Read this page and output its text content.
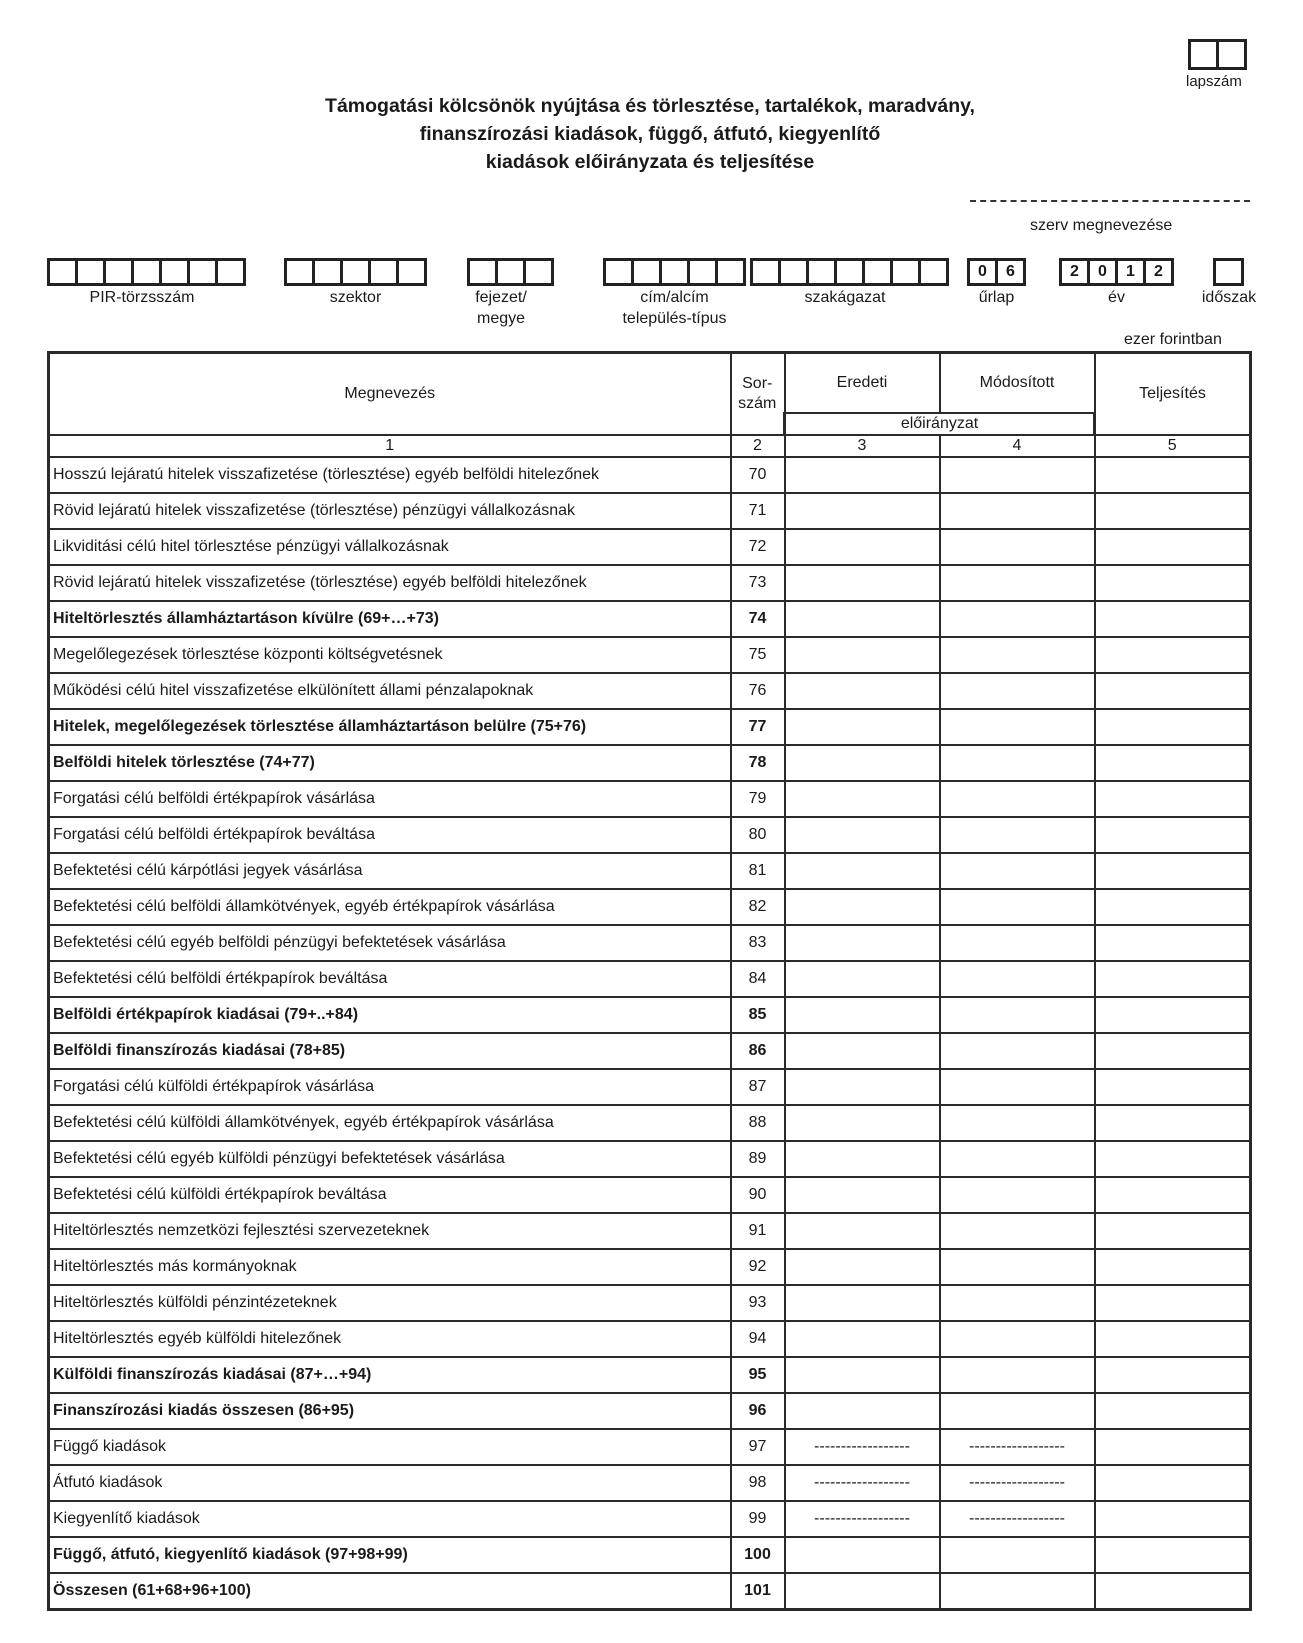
lapszám
Támogatási kölcsönök nyújtása és törlesztése, tartalékok, maradvány,
finanszírozási kiadások, függő, átfutó, kiegyenlítő
kiadások előirányzata és teljesítése
szerv megnevezése
PIR-törzsszám	szektor	fejezet/
megye
cím/alcím
település-típus
szakágazat
0	6
űrlap
2	0	1	2
év	időszak
ezer forintban
Megnevezés	Sor-
szám	Eredeti	Módosított	Teljesítés
		előirányzat		
1	2	3	4	5
Hosszú lejáratú hitelek visszafizetése (törlesztése) egyéb belföldi hitelezőnek	70			
Rövid lejáratú hitelek visszafizetése (törlesztése) pénzügyi vállalkozásnak	71			
Likviditási célú hitel törlesztése pénzügyi vállalkozásnak	72			
Rövid lejáratú hitelek visszafizetése (törlesztése) egyéb belföldi hitelezőnek	73			
Hiteltörlesztés államháztartáson kívülre (69+…+73)	74			
Megelőlegezések törlesztése központi költségvetésnek	75			
Működési célú hitel visszafizetése elkülönített állami pénzalapoknak	76			
Hitelek, megelőlegezések törlesztése államháztartáson belülre (75+76)	77			
Belföldi hitelek törlesztése (74+77)	78			
Forgatási célú belföldi értékpapírok vásárlása	79			
Forgatási célú belföldi értékpapírok beváltása	80			
Befektetési célú kárpótlási jegyek vásárlása	81			
Befektetési célú belföldi államkötvények, egyéb értékpapírok vásárlása	82			
Befektetési célú egyéb belföldi pénzügyi befektetések vásárlása	83			
Befektetési célú belföldi értékpapírok beváltása	84			
Belföldi értékpapírok kiadásai (79+..+84)	85			
Belföldi finanszírozás kiadásai (78+85)	86			
Forgatási célú külföldi értékpapírok vásárlása	87			
Befektetési célú külföldi államkötvények, egyéb értékpapírok vásárlása	88			
Befektetési célú egyéb külföldi pénzügyi befektetések vásárlása	89			
Befektetési célú külföldi értékpapírok beváltása	90			
Hiteltörlesztés nemzetközi fejlesztési szervezeteknek	91			
Hiteltörlesztés más kormányoknak	92			
Hiteltörlesztés külföldi pénzintézeteknek	93			
Hiteltörlesztés egyéb külföldi hitelezőnek	94			
Külföldi finanszírozás kiadásai (87+…+94)	95			
Finanszírozási kiadás összesen (86+95)	96			
Függő kiadások	97	------------------	------------------	
Átfutó kiadások	98	------------------	------------------	
Kiegyenlítő kiadások	99	------------------	------------------	
Függő, átfutó, kiegyenlítő kiadások (97+98+99)	100			
Összesen (61+68+96+100)	101			
